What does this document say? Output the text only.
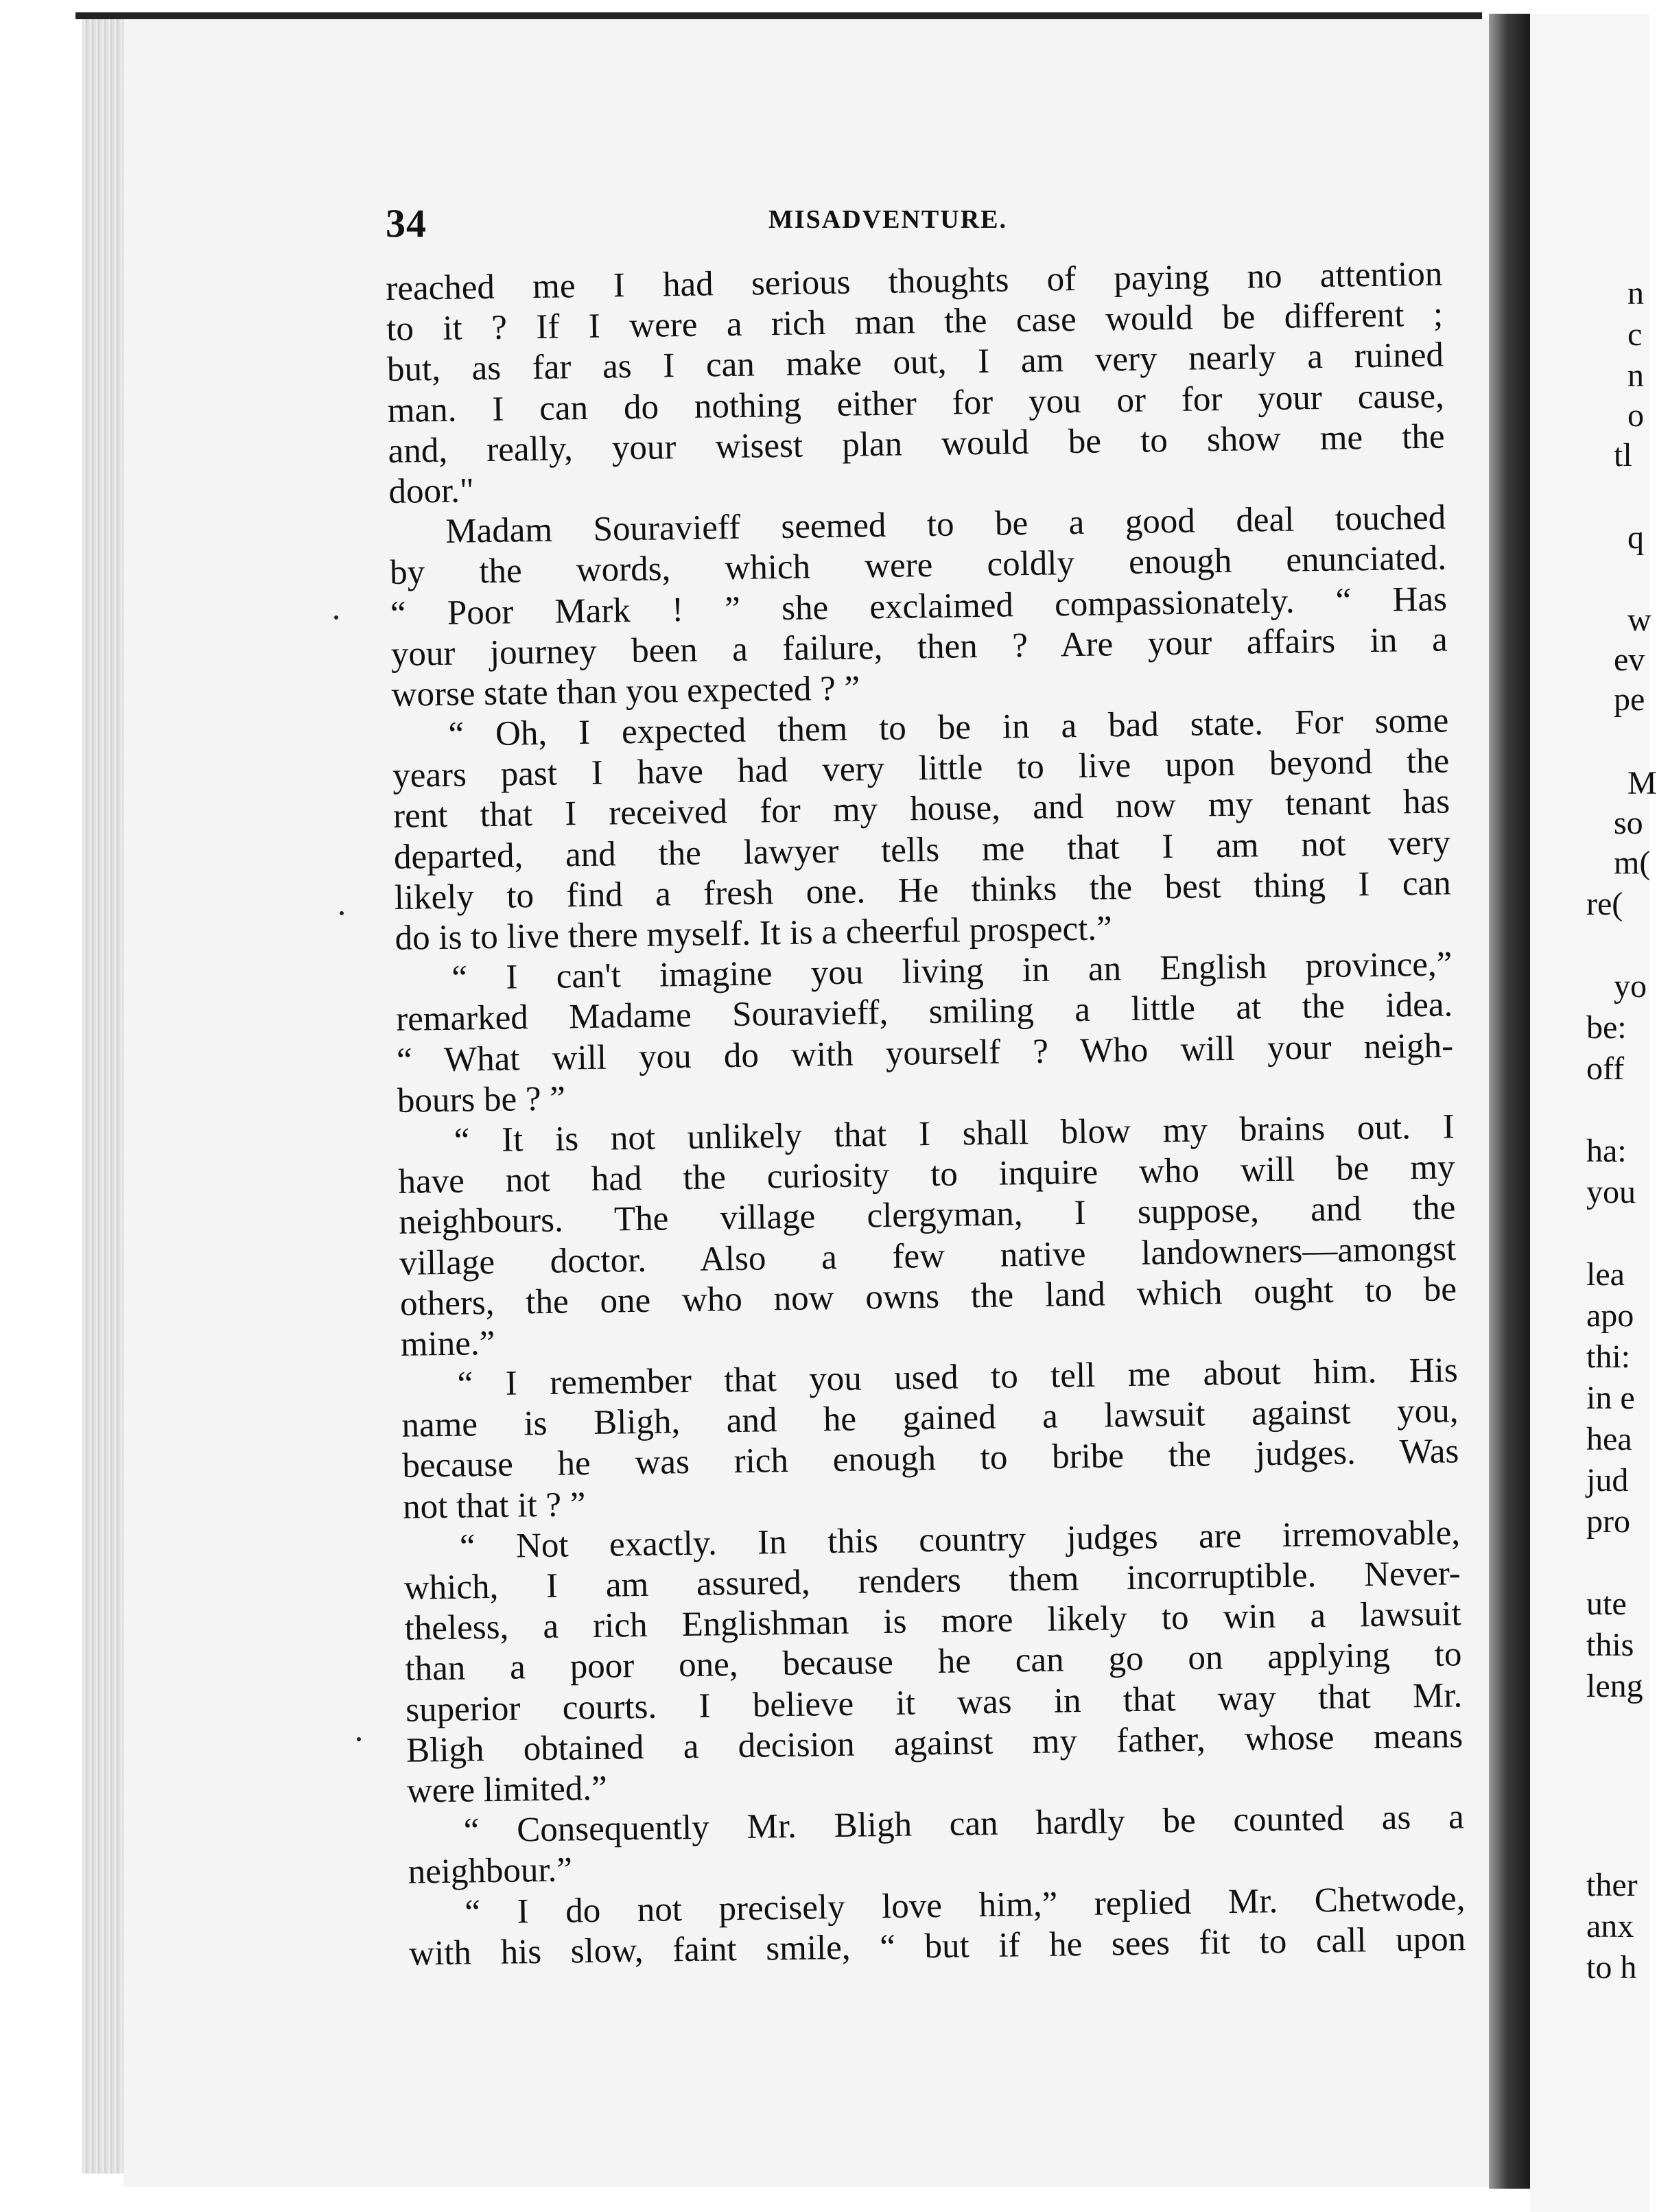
34	MISADVENTURE.
reached me I had serious thoughts of paying no attention
to it ? If I were a rich man the case would be different ;
but, as far as I can make out, I am very nearly a ruined
man. I can do nothing either for you or for your cause,
and, really, your wisest plan would be to show me the
door."
Madam Souravieff seemed to be a good deal touched
by the words, which were coldly enough enunciated.
“ Poor Mark ! ” she exclaimed compassionately. “ Has
your journey been a failure, then ? Are your affairs in a
worse state than you expected ? ”
“ Oh, I expected them to be in a bad state. For some
years past I have had very little to live upon beyond the
rent that I received for my house, and now my tenant has
departed, and the lawyer tells me that I am not very
likely to find a fresh one. He thinks the best thing I can
do is to live there myself. It is a cheerful prospect.”
“ I can't imagine you living in an English province,”
remarked Madame Souravieff, smiling a little at the idea.
“ What will you do with yourself ? Who will your neigh-
bours be ? ”
“ It is not unlikely that I shall blow my brains out. I
have not had the curiosity to inquire who will be my
neighbours. The village clergyman, I suppose, and the
village doctor. Also a few native landowners—amongst
others, the one who now owns the land which ought to be
mine.”
“ I remember that you used to tell me about him. His
name is Bligh, and he gained a lawsuit against you,
because he was rich enough to bribe the judges. Was
not that it ? ”
“ Not exactly. In this country judges are irremovable,
which, I am assured, renders them incorruptible. Never-
theless, a rich Englishman is more likely to win a lawsuit
than a poor one, because he can go on applying to
superior courts. I believe it was in that way that Mr.
Bligh obtained a decision against my father, whose means
were limited.”
“ Consequently Mr. Bligh can hardly be counted as a
neighbour.”
“ I do not precisely love him,” replied Mr. Chetwode,
with his slow, faint smile, “ but if he sees fit to call upon
n
c
n
o
tl
q
w
ev
pe
M
so
m(
re(
yo
be:
off
ha:
you
lea
apo
thi:
in e
hea
jud
pro
ute
this
leng
ther
anx
to h
